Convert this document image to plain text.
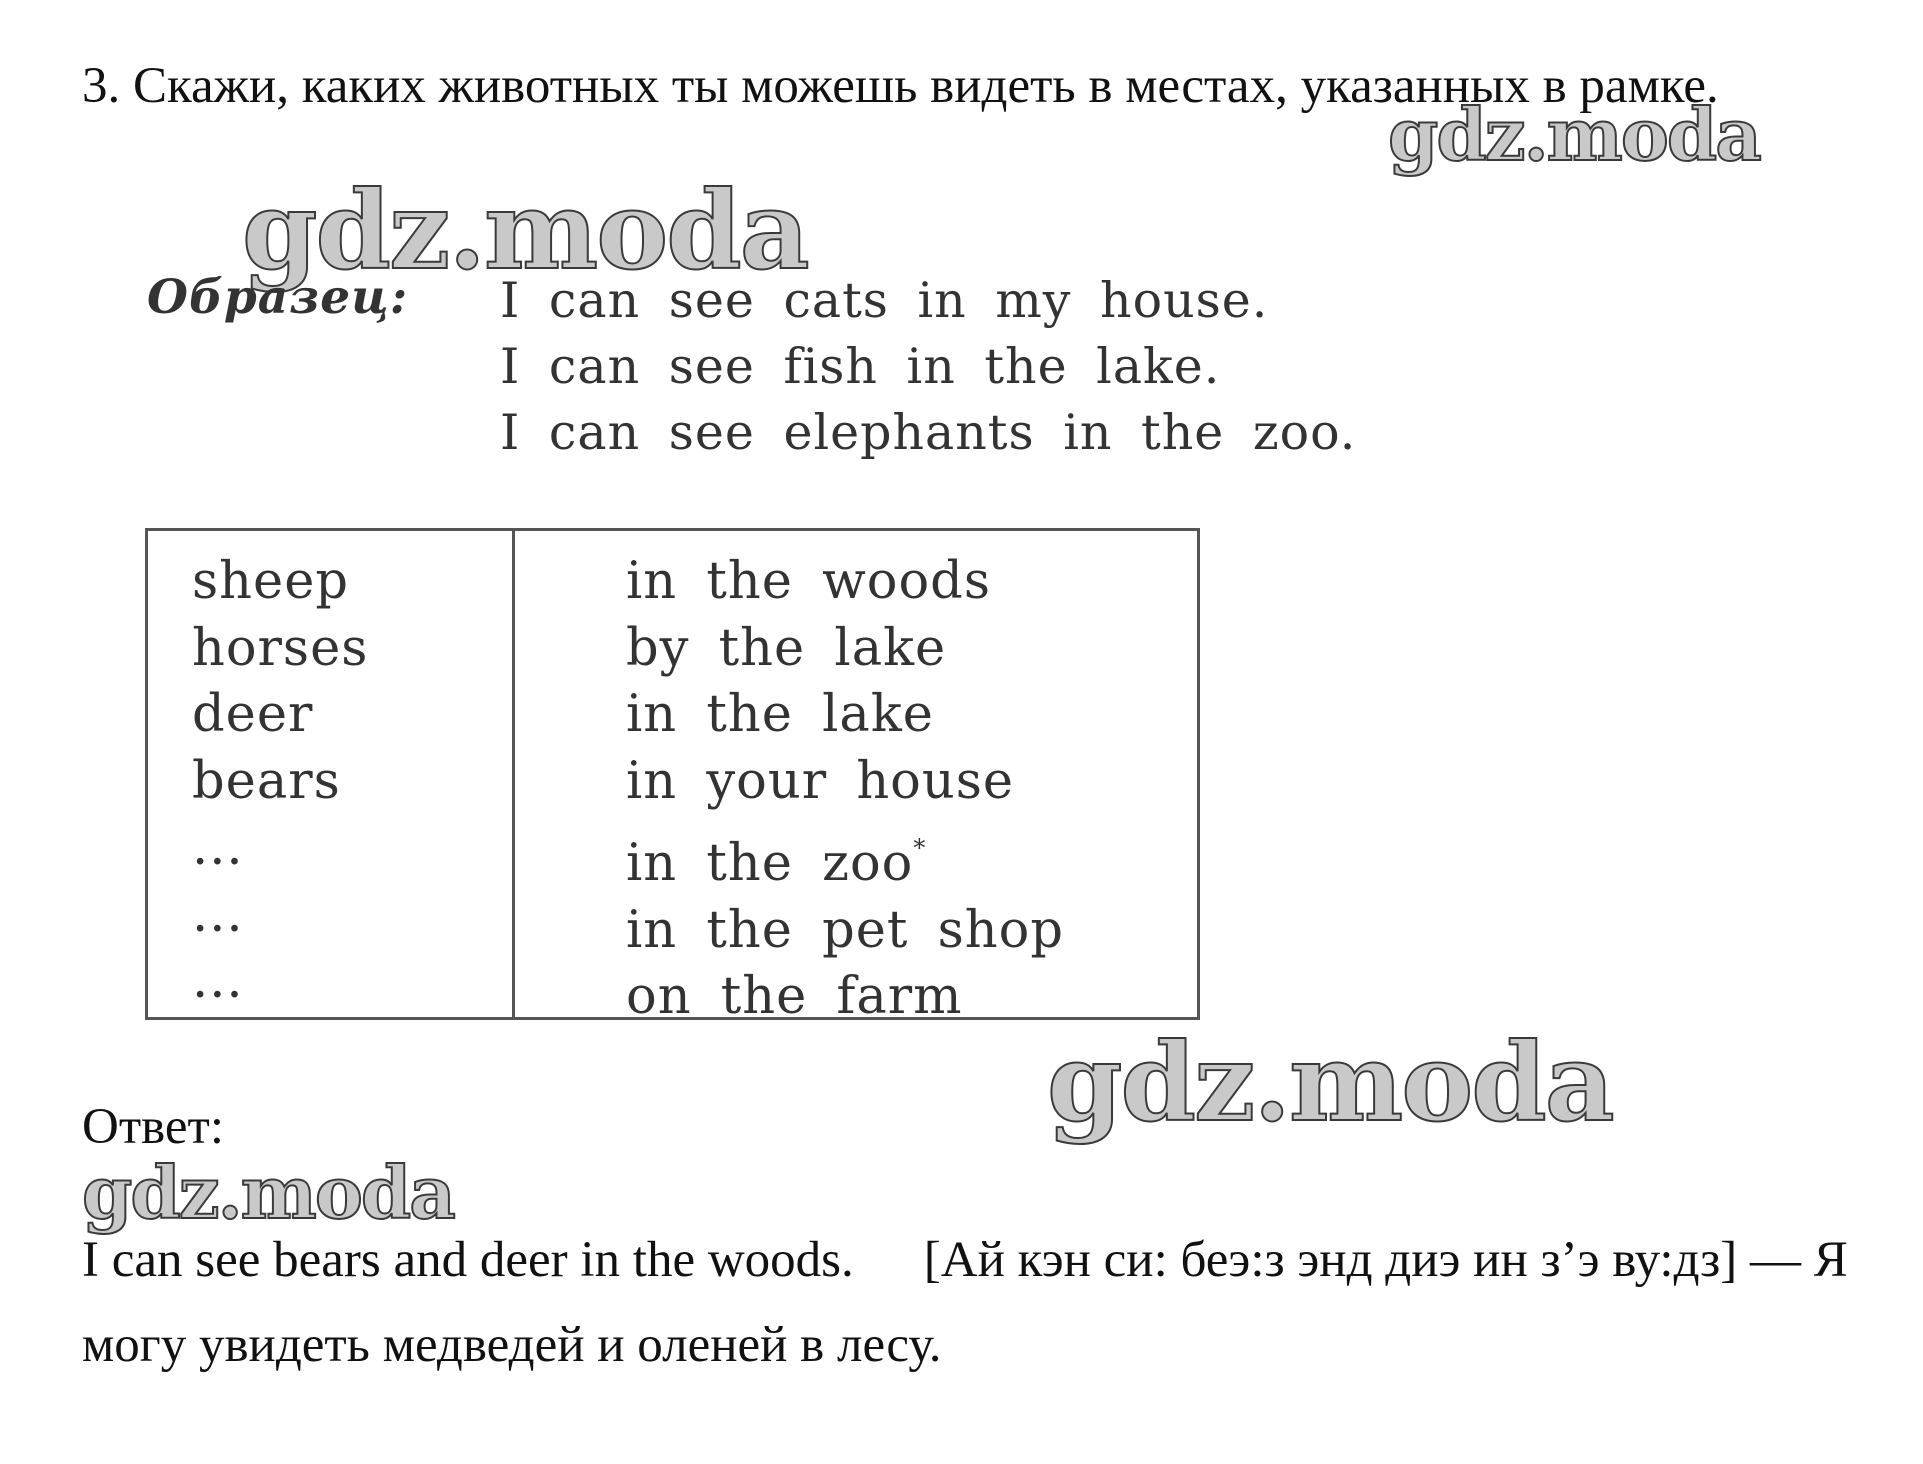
3. Скажи, каких животных ты можешь видеть в местах, указанных в рамке.

gdz.moda
gdz.moda
Образец: I can see cats in my house.
I can see fish in the lake.
I can see elephants in the zoo.
sheep
horses
deer
bears
...
...
...
in the woods
by the lake
in the lake
in your house
in the zoo*
in the pet shop
on the farm
gdz.moda

Ответ:

gdz.moda

I can see bears and deer in the woods. [Ай кэн си: беэ:з энд диэ ин з’э ву:дз] — Я могу увидеть медведей и оленей в лесу.
